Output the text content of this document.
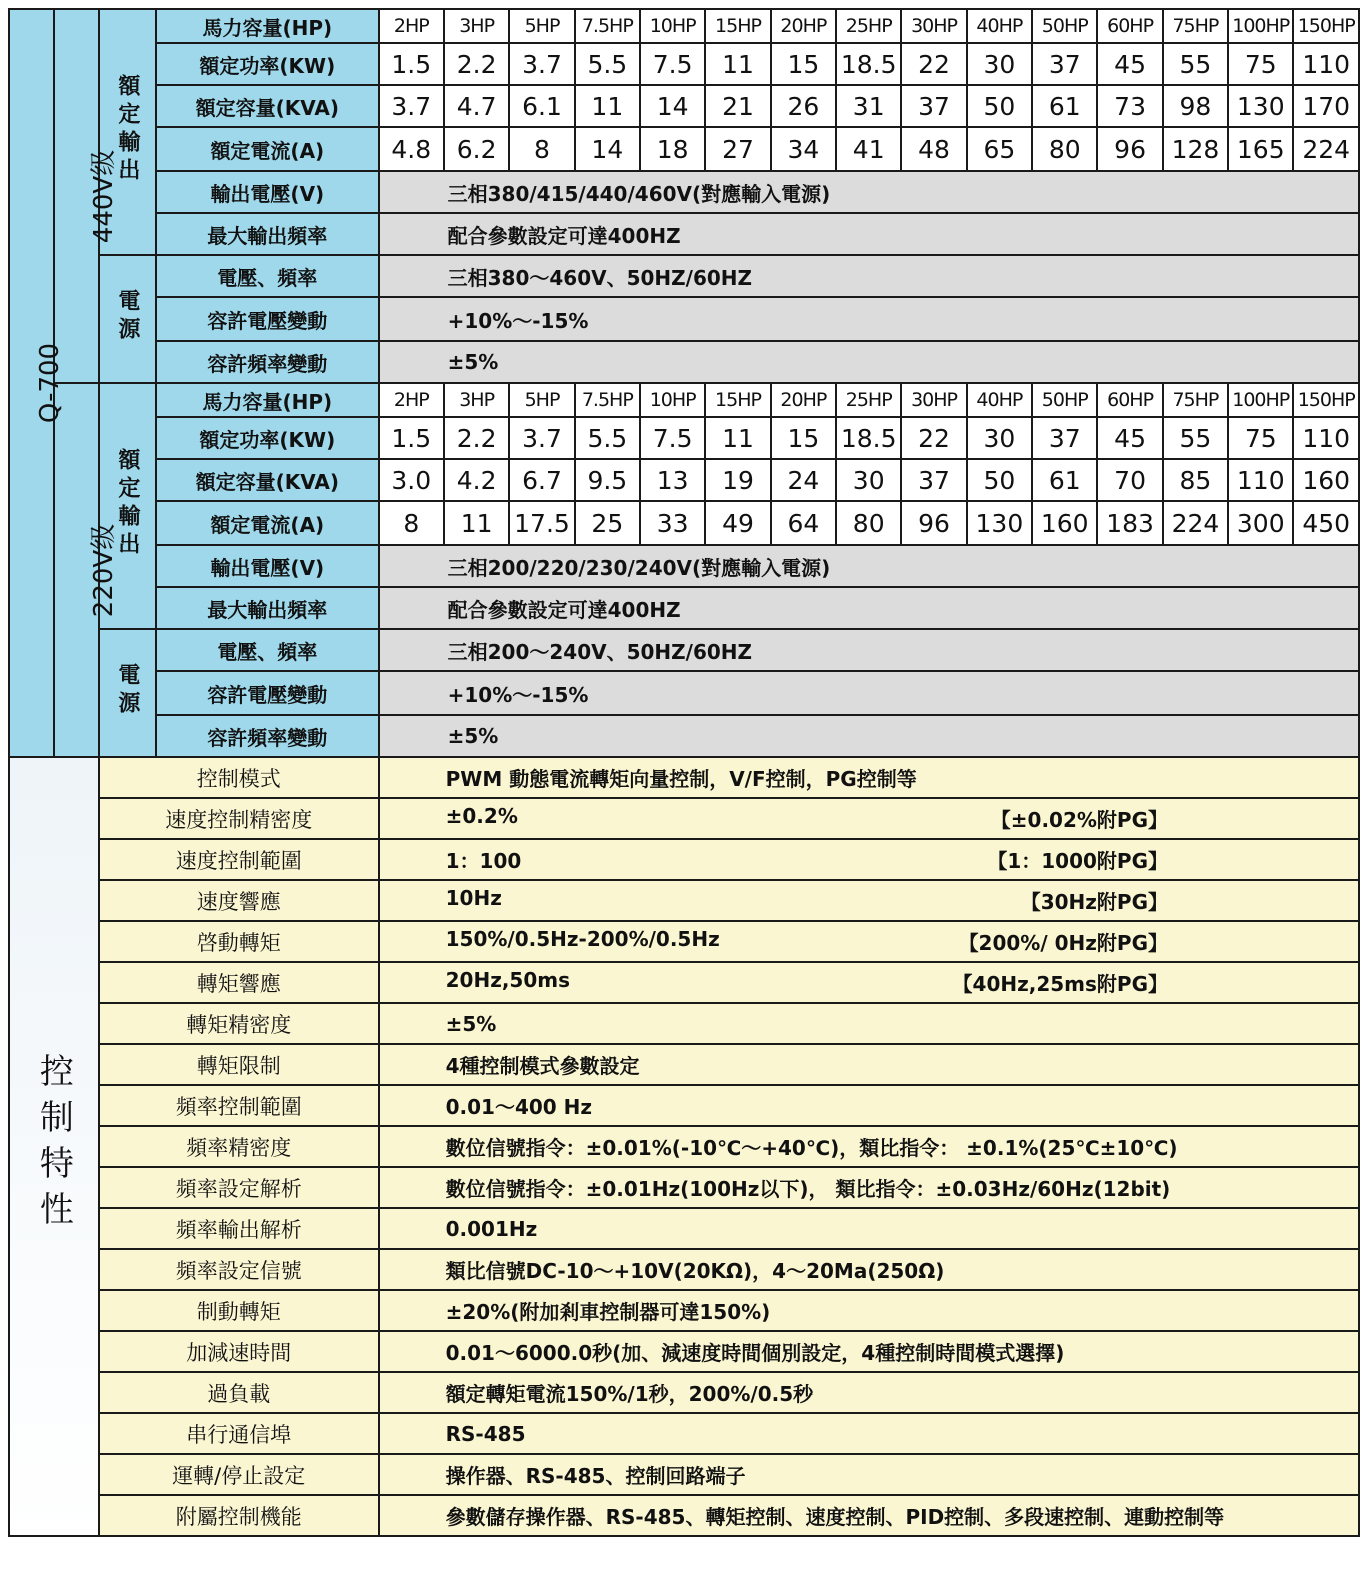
Q-700	440V级	額定輸出	馬力容量(HP)	2HP	3HP	5HP	7.5HP	10HP	15HP	20HP	25HP	30HP	40HP	50HP	60HP	75HP	100HP	150HP
			額定功率(KW)	1.5	2.2	3.7	5.5	7.5	11	15	18.5	22	30	37	45	55	75	110
			額定容量(KVA)	3.7	4.7	6.1	11	14	21	26	31	37	50	61	73	98	130	170
			額定電流(A)	4.8	6.2	8	14	18	27	34	41	48	65	80	96	128	165	224
			輸出電壓(V)	三相380/415/440/460V(對應輸入電源)														
			最大輸出頻率	配合參數設定可達400HZ														
		電源	電壓、頻率	三相380～460V、50HZ/60HZ														
			容許電壓變動	+10%～-15%														
			容許頻率變動	±5%														
	220V级	額定輸出	馬力容量(HP)	2HP	3HP	5HP	7.5HP	10HP	15HP	20HP	25HP	30HP	40HP	50HP	60HP	75HP	100HP	150HP
			額定功率(KW)	1.5	2.2	3.7	5.5	7.5	11	15	18.5	22	30	37	45	55	75	110
			額定容量(KVA)	3.0	4.2	6.7	9.5	13	19	24	30	37	50	61	70	85	110	160
			額定電流(A)	8	11	17.5	25	33	49	64	80	96	130	160	183	224	300	450
			輸出電壓(V)	三相200/220/230/240V(對應輸入電源)														
			最大輸出頻率	配合參數設定可達400HZ														
		電源	電壓、頻率	三相200～240V、50HZ/60HZ														
			容許電壓變動	+10%～-15%														
			容許頻率變動	±5%														
控制特性		控制模式		PWM 動態電流轉矩向量控制，V/F控制，PG控制等														
		速度控制精密度		±0.2% 【±0.02%附PG】														

		速度控制範圍		1：100 【1：1000附PG】														

		速度響應		10Hz 【30Hz附PG】														

		啓動轉矩		150%/0.5Hz-200%/0.5Hz 【200%/ 0Hz附PG】														

		轉矩響應		20Hz,50ms 【40Hz,25ms附PG】														

		轉矩精密度		±5%														
		轉矩限制		4種控制模式參數設定														
		頻率控制範圍		0.01～400 Hz														
		頻率精密度		數位信號指令：±0.01%(-10℃～+40℃)，類比指令： ±0.1%(25℃±10℃)														
		頻率設定解析		數位信號指令：±0.01Hz(100Hz以下)， 類比指令：±0.03Hz/60Hz(12bit)														
		頻率輸出解析		0.001Hz														
		頻率設定信號		類比信號DC-10～+10V(20KΩ)，4～20Ma(250Ω)														
		制動轉矩		±20%(附加剎車控制器可達150%)														
		加減速時間		0.01～6000.0秒(加、減速度時間個別設定，4種控制時間模式選擇)														
		過負載		額定轉矩電流150%/1秒，200%/0.5秒														
		串行通信埠		RS-485														
		運轉/停止設定		操作器、RS-485、控制回路端子														
		附屬控制機能		參數儲存操作器、RS-485、轉矩控制、速度控制、PID控制、多段速控制、連動控制等														
